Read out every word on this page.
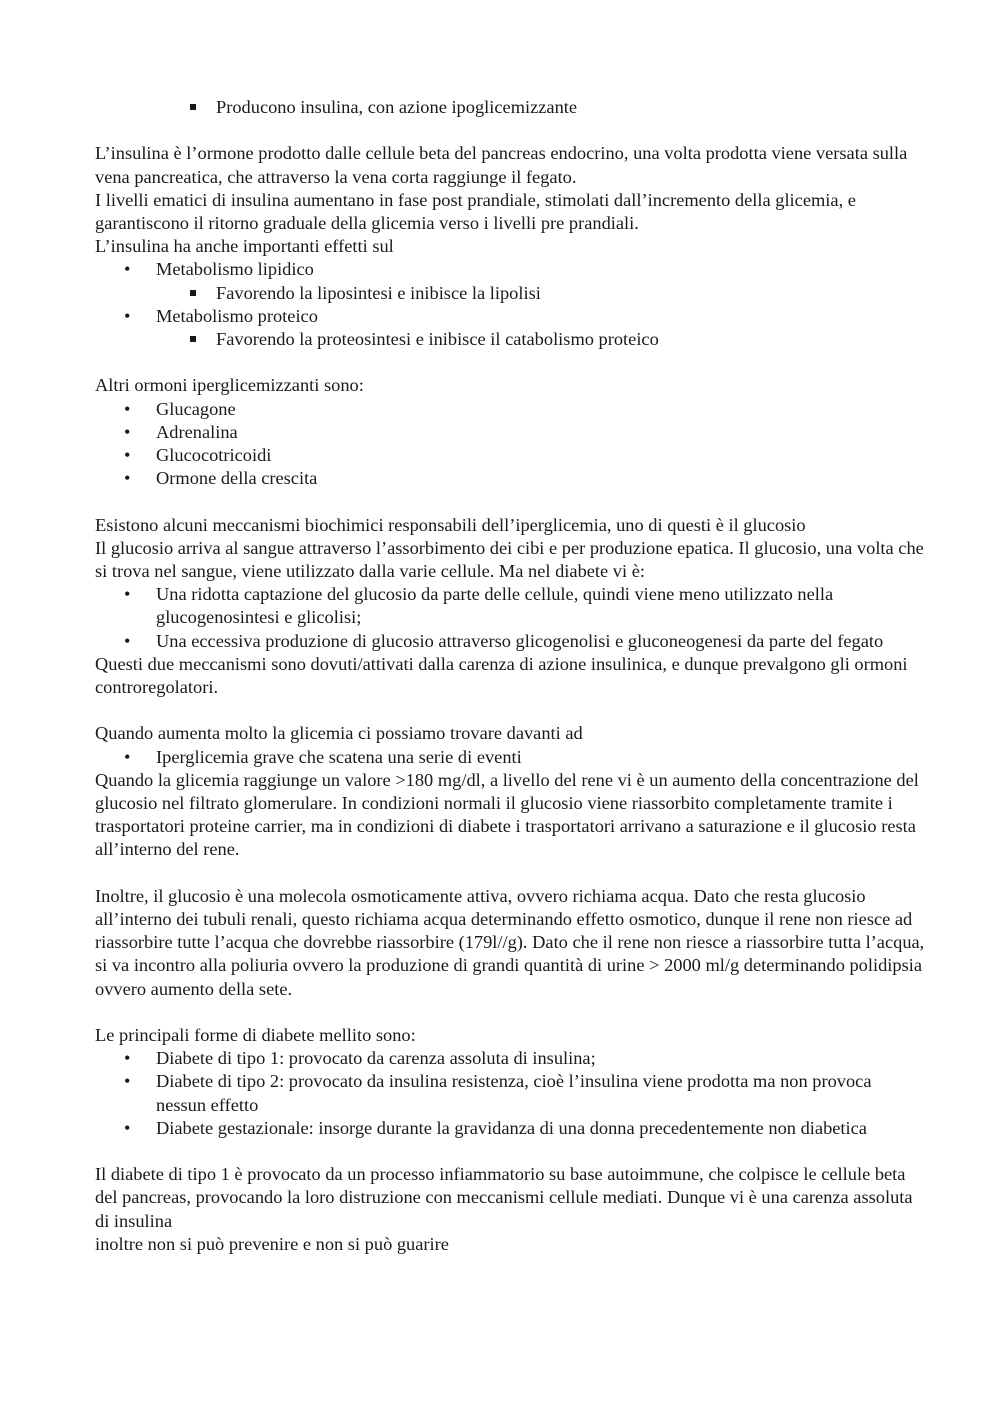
Producono insulina, con azione ipoglicemizzante

L’insulina è l’ormone prodotto dalle cellule beta del pancreas endocrino, una volta prodotta viene versata sulla vena pancreatica, che attraverso la vena corta raggiunge il fegato.

I livelli ematici di insulina aumentano in fase post prandiale, stimolati dall’incremento della glicemia, e garantiscono il ritorno graduale della glicemia verso i livelli pre prandiali.

L’insulina ha anche importanti effetti sul

• Metabolismo lipidico
Favorendo la liposintesi e inibisce la lipolisi
• Metabolismo proteico
Favorendo la proteosintesi e inibisce il catabolismo proteico

Altri ormoni iperglicemizzanti sono:

• Glucagone
• Adrenalina
• Glucocotricoidi
• Ormone della crescita

Esistono alcuni meccanismi biochimici responsabili dell’iperglicemia, uno di questi è il glucosio

Il glucosio arriva al sangue attraverso l’assorbimento dei cibi e per produzione epatica. Il glucosio, una volta che si trova nel sangue, viene utilizzato dalla varie cellule. Ma nel diabete vi è:

• Una ridotta captazione del glucosio da parte delle cellule, quindi viene meno utilizzato nella glucogenosintesi e glicolisi;
• Una eccessiva produzione di glucosio attraverso glicogenolisi e gluconeogenesi da parte del fegato

Questi due meccanismi sono dovuti/attivati dalla carenza di azione insulinica, e dunque prevalgono gli ormoni controregolatori.

Quando aumenta molto la glicemia ci possiamo trovare davanti ad

• Iperglicemia grave che scatena una serie di eventi

Quando la glicemia raggiunge un valore >180 mg/dl, a livello del rene vi è un aumento della concentrazione del glucosio nel filtrato glomerulare. In condizioni normali il glucosio viene riassorbito completamente tramite i trasportatori proteine carrier, ma in condizioni di diabete i trasportatori arrivano a saturazione e il glucosio resta all’interno del rene.

Inoltre, il glucosio è una molecola osmoticamente attiva, ovvero richiama acqua. Dato che resta glucosio all’interno dei tubuli renali, questo richiama acqua determinando effetto osmotico, dunque il rene non riesce ad riassorbire tutte l’acqua che dovrebbe riassorbire (179l//g). Dato che il rene non riesce a riassorbire tutta l’acqua, si va incontro alla poliuria ovvero la produzione di grandi quantità di urine > 2000 ml/g determinando polidipsia ovvero aumento della sete.

Le principali forme di diabete mellito sono:

• Diabete di tipo 1: provocato da carenza assoluta di insulina;
• Diabete di tipo 2: provocato da insulina resistenza, cioè l’insulina viene prodotta ma non provoca nessun effetto
• Diabete gestazionale: insorge durante la gravidanza di una donna precedentemente non diabetica

Il diabete di tipo 1 è provocato da un processo infiammatorio su base autoimmune, che colpisce le cellule beta del pancreas, provocando la loro distruzione con meccanismi cellule mediati. Dunque vi è una carenza assoluta di insulina

inoltre non si può prevenire e non si può guarire
